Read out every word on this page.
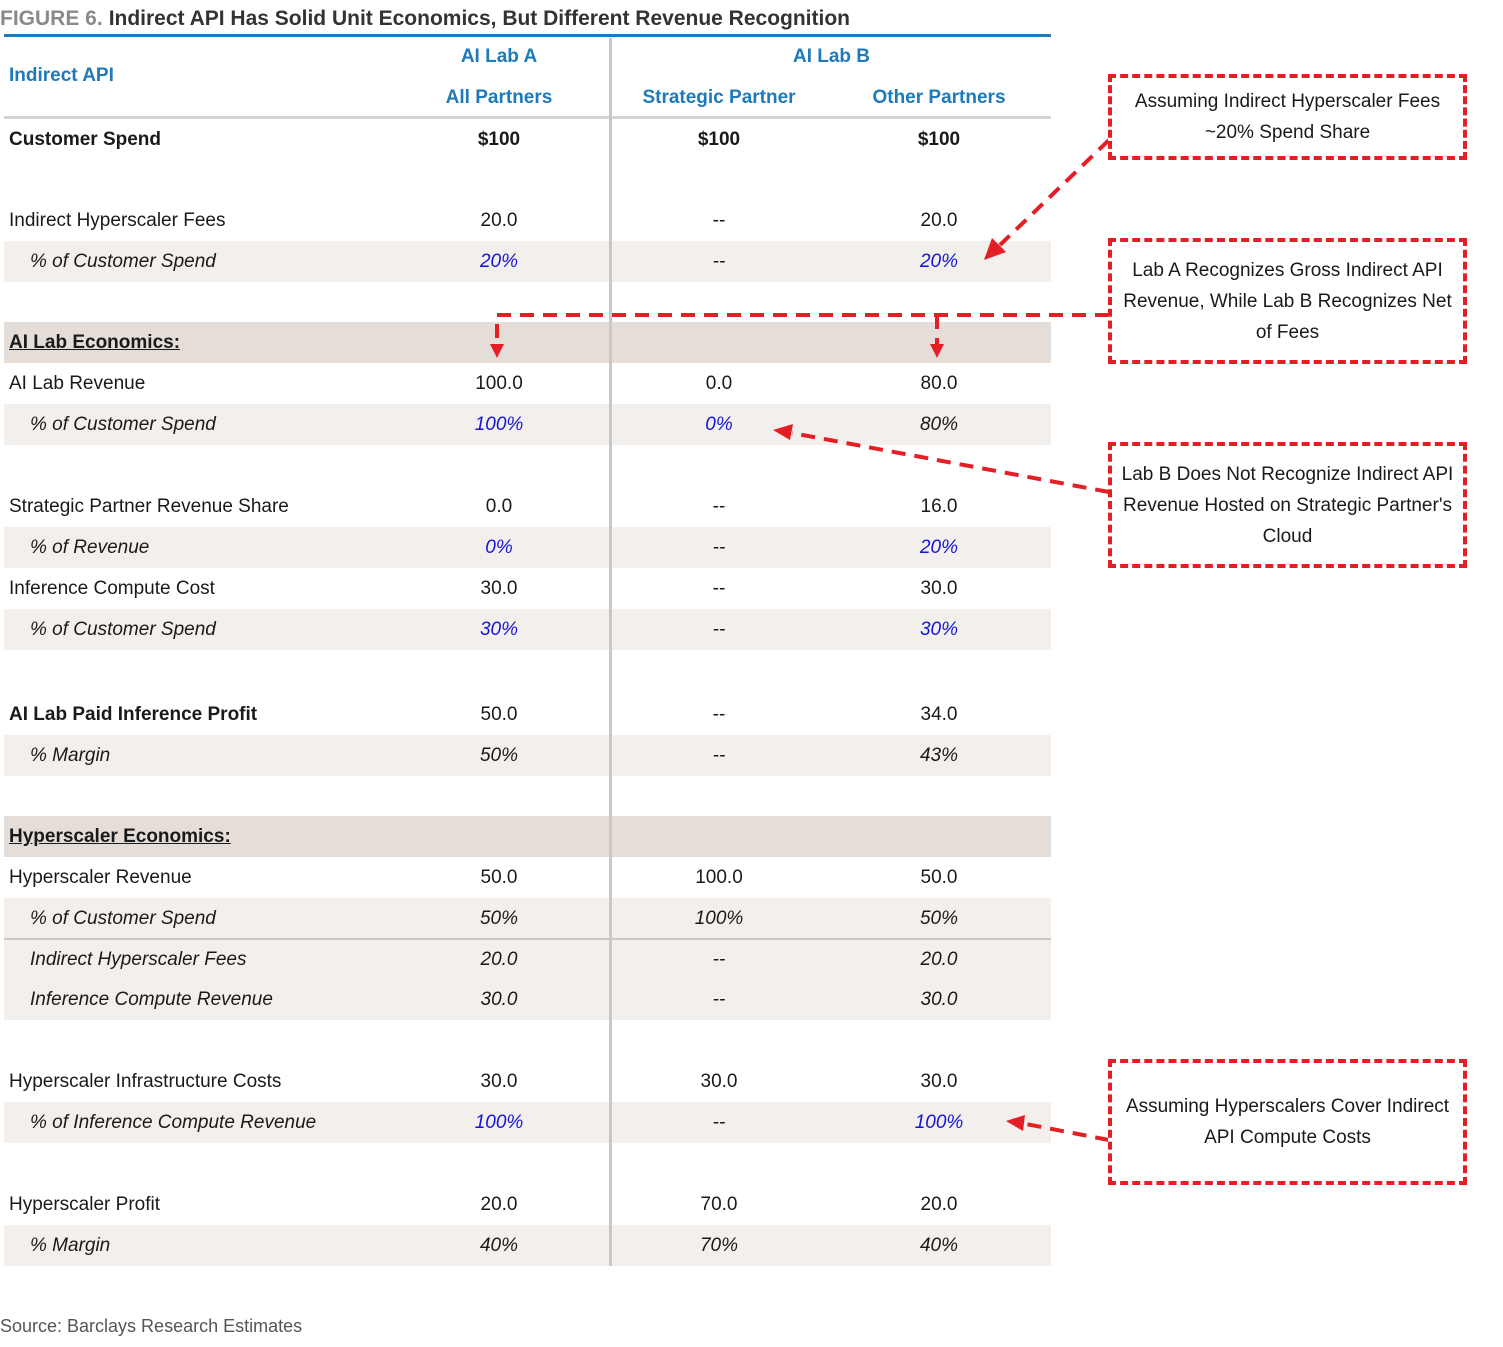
FIGURE 6. Indirect API Has Solid Unit Economics, But Different Revenue Recognition
Indirect API
AI Lab A	AI Lab B
All Partners	Strategic Partner	Other Partners
Customer Spend	$100	$100	$100
Indirect Hyperscaler Fees	20.0	--	20.0
% of Customer Spend	20%	--	20%
AI Lab Economics:
AI Lab Revenue	100.0	0.0	80.0
% of Customer Spend	100%	0%	80%
Strategic Partner Revenue Share	0.0	--	16.0
% of Revenue	0%	--	20%
Inference Compute Cost	30.0	--	30.0
% of Customer Spend	30%	--	30%
AI Lab Paid Inference Profit	50.0	--	34.0
% Margin	50%	--	43%
Hyperscaler Economics:
Hyperscaler Revenue	50.0	100.0	50.0
% of Customer Spend	50%	100%	50%
Indirect Hyperscaler Fees	20.0	--	20.0
Inference Compute Revenue	30.0	--	30.0
Hyperscaler Infrastructure Costs	30.0	30.0	30.0
% of Inference Compute Revenue	100%	--	100%
Hyperscaler Profit	20.0	70.0	20.0
% Margin	40%	70%	40%
Assuming Indirect Hyperscaler Fees ~20% Spend Share
Lab A Recognizes Gross Indirect API Revenue, While Lab B Recognizes Net of Fees
Lab B Does Not Recognize Indirect API Revenue Hosted on Strategic Partner's Cloud
Assuming Hyperscalers Cover Indirect API Compute Costs
Source: Barclays Research Estimates
